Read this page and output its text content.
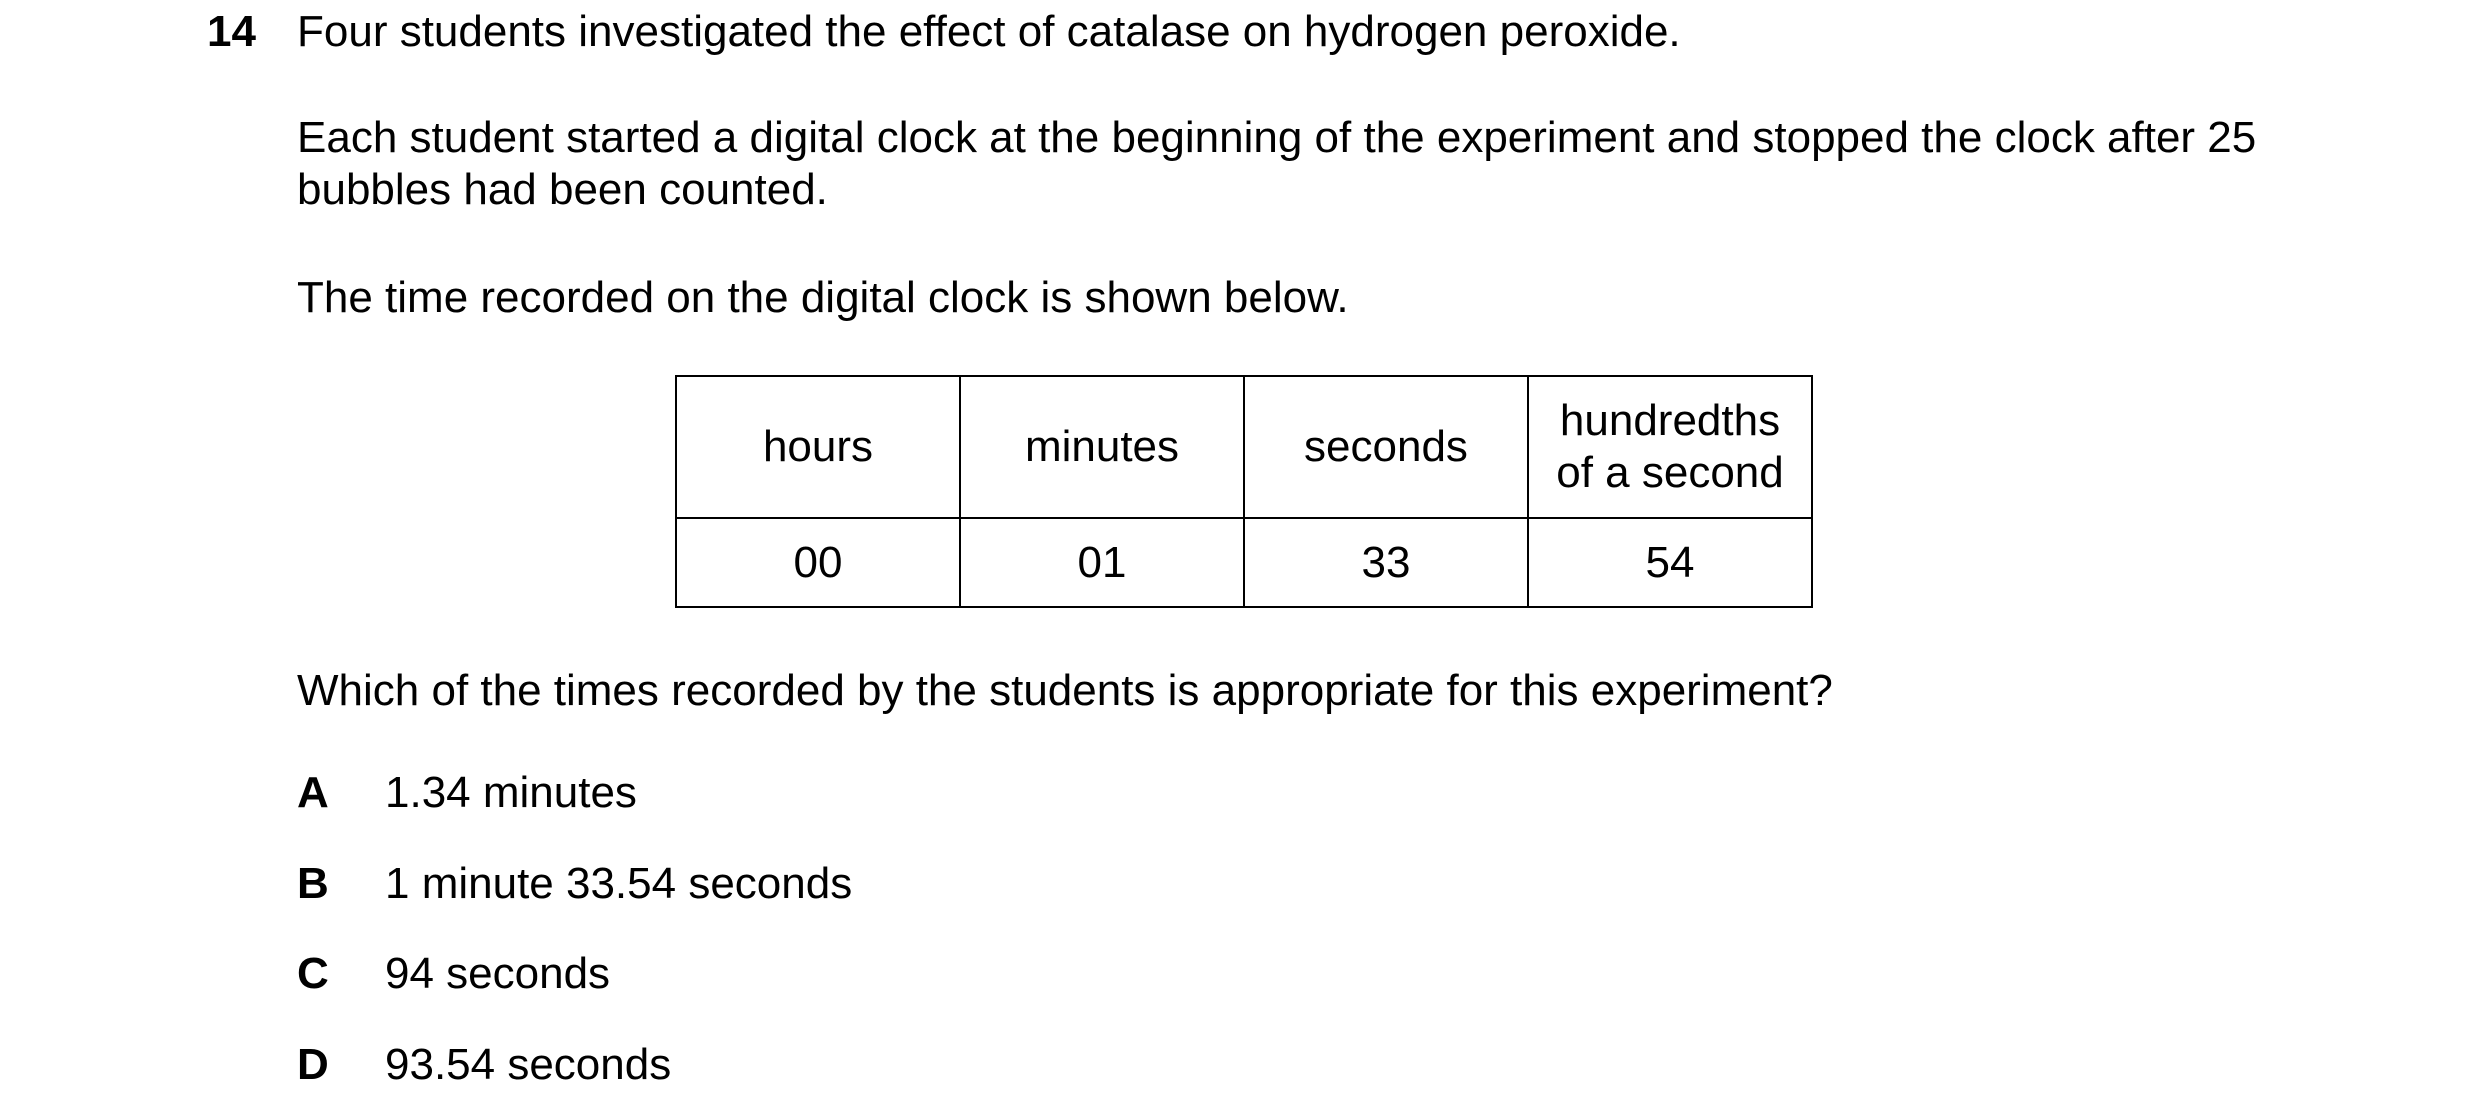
14 Four students investigated the effect of catalase on hydrogen peroxide.

Each student started a digital clock at the beginning of the experiment and stopped the clock after 25 bubbles had been counted.

The time recorded on the digital clock is shown below.

hours	minutes	seconds	hundredths
of a second

00	01	33	54

Which of the times recorded by the students is appropriate for this experiment?

A 1.34 minutes
B 1 minute 33.54 seconds
C 94 seconds
D 93.54 seconds
